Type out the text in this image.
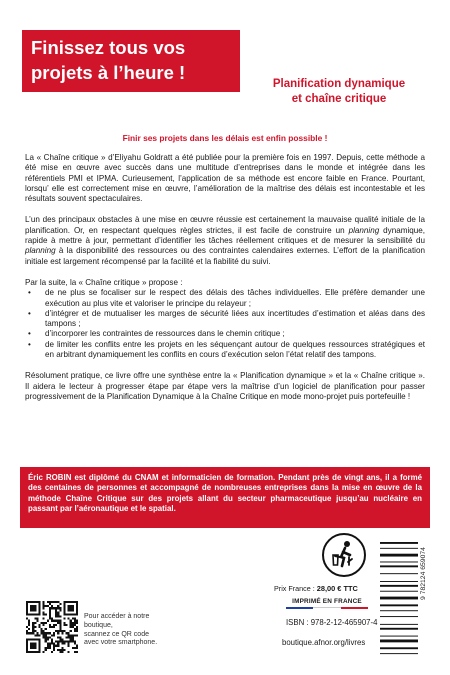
Finissez tous vos
projets à l’heure !
Planification dynamique
et chaîne critique
Finir ses projets dans les délais est enfin possible !

La « Chaîne critique » d’Eliyahu Goldratt a été publiée pour la première fois en 1997. Depuis, cette méthode a été mise en œuvre avec succès dans une multitude d’entreprises dans le monde et intégrée dans les référentiels PMI et IPMA. Curieusement, l’application de sa méthode est encore faible en France. Pourtant, lorsqu’ elle est correctement mise en œuvre, l’amélioration de la maîtrise des délais est incontestable et les résultats souvent spectaculaires.

L’un des principaux obstacles à une mise en œuvre réussie est certainement la mauvaise qualité initiale de la planification. Or, en respectant quelques règles strictes, il est facile de construire un planning dynamique, rapide à mettre à jour, permettant d’identifier les tâches réellement critiques et de mesurer la sensibilité du planning à la disponibilité des ressources ou des contraintes calendaires externes. L’effort de la planification initiale est largement récompensé par la facilité et la fiabilité du suivi.

Par la suite, la « Chaîne critique » propose :

• de ne plus se focaliser sur le respect des délais des tâches individuelles. Elle préfère demander une exécution au plus vite et valoriser le principe du relayeur ;
• d’intégrer et de mutualiser les marges de sécurité liées aux incertitudes d’estimation et aléas dans des tampons ;
• d’incorporer les contraintes de ressources dans le chemin critique ;
• de limiter les conflits entre les projets en les séquençant autour de quelques ressources stratégiques et en arbitrant dynamiquement les conflits en cours d’exécution selon l’état relatif des tampons.

Résolument pratique, ce livre offre une synthèse entre la « Planification dynamique » et la « Chaîne critique ». Il aidera le lecteur à progresser étape par étape vers la maîtrise d’un logiciel de planification pour passer progressivement de la Planification Dynamique à la Chaîne Critique en mode mono-projet puis portefeuille !

Éric ROBIN est diplômé du CNAM et informaticien de formation. Pendant près de vingt ans, il a formé des centaines de personnes et accompagné de nombreuses entreprises dans la mise en œuvre de la méthode Chaîne Critique sur des projets allant du secteur pharmaceutique jusqu’au nucléaire en passant par l’aéronautique et le spatial.
Prix France : 28,00 € TTC
IMPRIMÉ EN FRANCE
ISBN : 978-2-12-465907-4
boutique.afnor.org/livres
9 782124 659074
Pour accéder à notre boutique,
scannez ce QR code
avec votre smartphone.
